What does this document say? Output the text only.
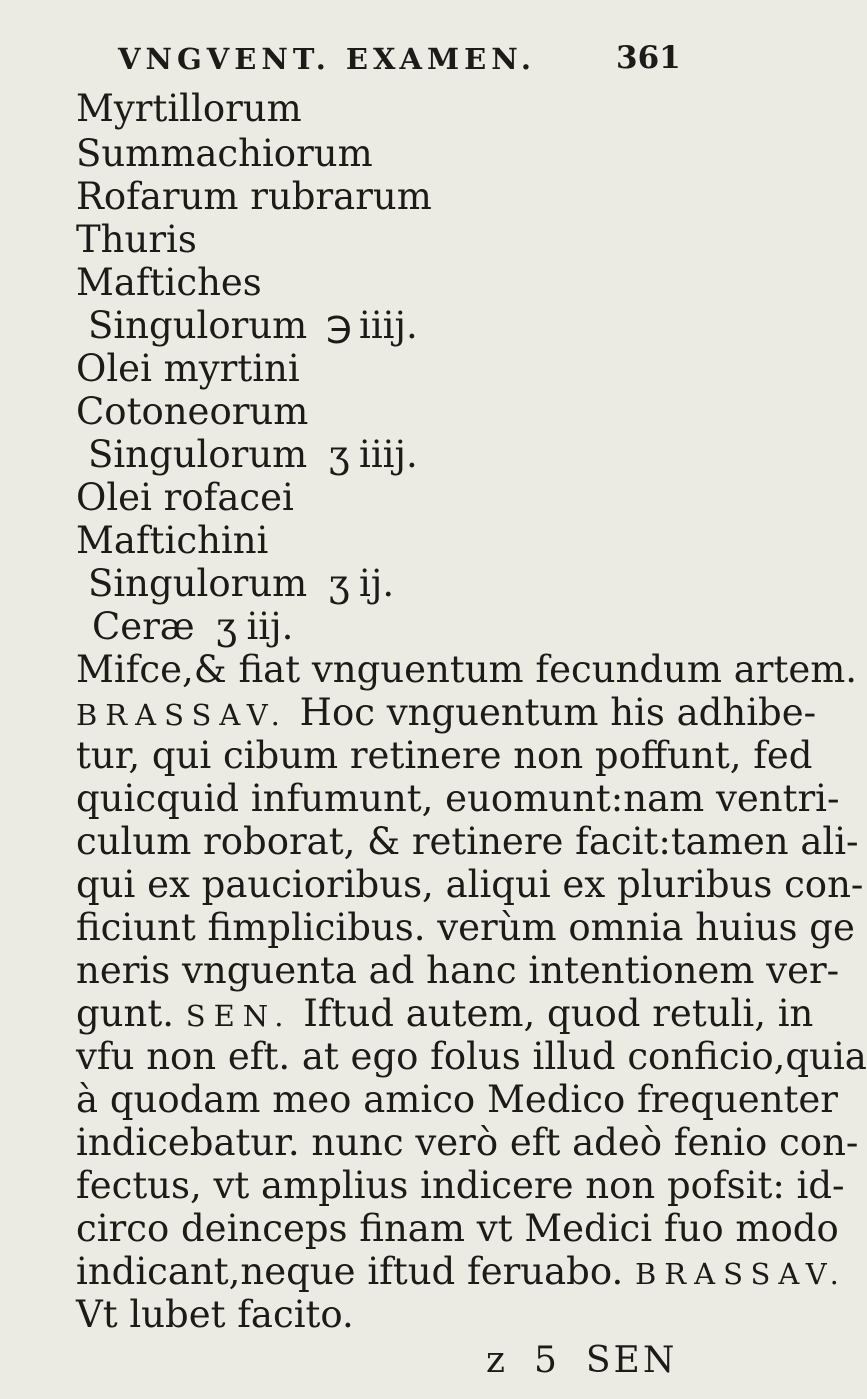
VNGVENT. EXAMEN.	361
Myrtillorum
Summachiorum
Rofarum rubrarum
Thuris
Maftiches
Singulorum ℈ iiij.
Olei myrtini
Cotoneorum
Singulorum ʒ iiij.
Olei rofacei
Maftichini
Singulorum ʒ ij.
Ceræ ʒ iij.
Mifce,& fiat vnguentum fecundum artem.
BRASSAV. Hoc vnguentum his adhibe-
tur, qui cibum retinere non poffunt, fed
quicquid infumunt, euomunt:nam ventri-
culum roborat, & retinere facit:tamen ali-
qui ex paucioribus, aliqui ex pluribus con-
ficiunt fimplicibus. verùm omnia huius ge
neris vnguenta ad hanc intentionem ver-
gunt. SEN. Iftud autem, quod retuli, in
vfu non eft. at ego folus illud conficio,quia
à quodam meo amico Medico frequenter
indicebatur. nunc verò eft adeò fenio con-
fectus, vt amplius indicere non pofsit: id-
circo deinceps finam vt Medici fuo modo
indicant,neque iftud feruabo. BRASSAV.
Vt lubet facito.
z 5 SEN
